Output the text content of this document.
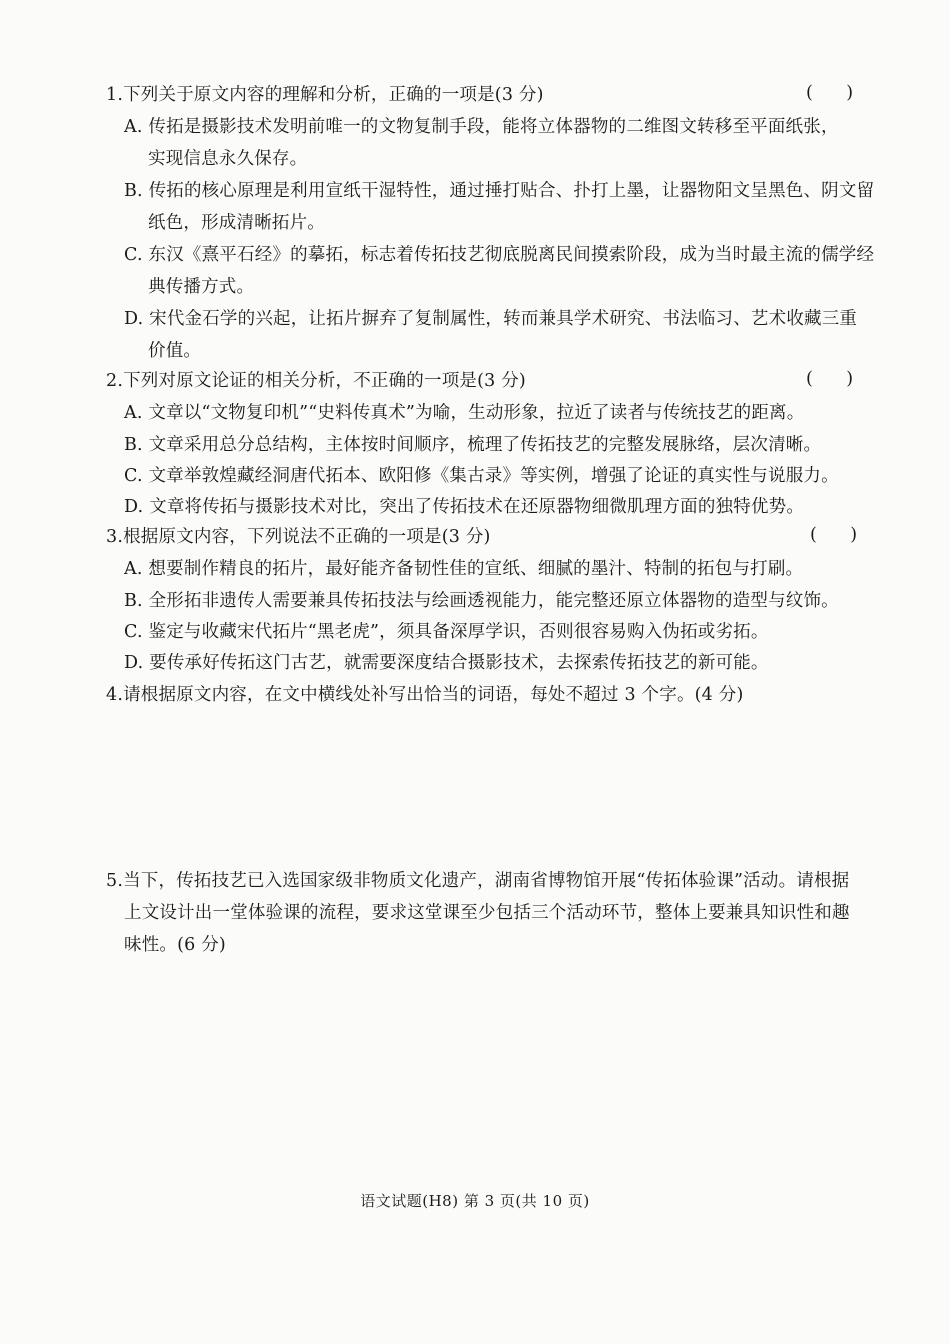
1.下列关于原文内容的理解和分析，正确的一项是(3 分)	(      )
A. 传拓是摄影技术发明前唯一的文物复制手段，能将立体器物的二维图文转移至平面纸张，
实现信息永久保存。
B. 传拓的核心原理是利用宣纸干湿特性，通过捶打贴合、扑打上墨，让器物阳文呈黑色、阴文留
纸色，形成清晰拓片。
C. 东汉《熹平石经》的摹拓，标志着传拓技艺彻底脱离民间摸索阶段，成为当时最主流的儒学经
典传播方式。
D. 宋代金石学的兴起，让拓片摒弃了复制属性，转而兼具学术研究、书法临习、艺术收藏三重
价值。
2.下列对原文论证的相关分析，不正确的一项是(3 分)	(      )
A. 文章以“文物复印机”“史料传真术”为喻，生动形象，拉近了读者与传统技艺的距离。
B. 文章采用总分总结构，主体按时间顺序，梳理了传拓技艺的完整发展脉络，层次清晰。
C. 文章举敦煌藏经洞唐代拓本、欧阳修《集古录》等实例，增强了论证的真实性与说服力。
D. 文章将传拓与摄影技术对比，突出了传拓技术在还原器物细微肌理方面的独特优势。
3.根据原文内容，下列说法不正确的一项是(3 分)	(      )
A. 想要制作精良的拓片，最好能齐备韧性佳的宣纸、细腻的墨汁、特制的拓包与打刷。
B. 全形拓非遗传人需要兼具传拓技法与绘画透视能力，能完整还原立体器物的造型与纹饰。
C. 鉴定与收藏宋代拓片“黑老虎”，须具备深厚学识，否则很容易购入伪拓或劣拓。
D. 要传承好传拓这门古艺，就需要深度结合摄影技术，去探索传拓技艺的新可能。
4.请根据原文内容，在文中横线处补写出恰当的词语，每处不超过 3 个字。(4 分)
5.当下，传拓技艺已入选国家级非物质文化遗产，湖南省博物馆开展“传拓体验课”活动。请根据
上文设计出一堂体验课的流程，要求这堂课至少包括三个活动环节，整体上要兼具知识性和趣
味性。(6 分)
语文试题(H8) 第 3 页(共 10 页)
